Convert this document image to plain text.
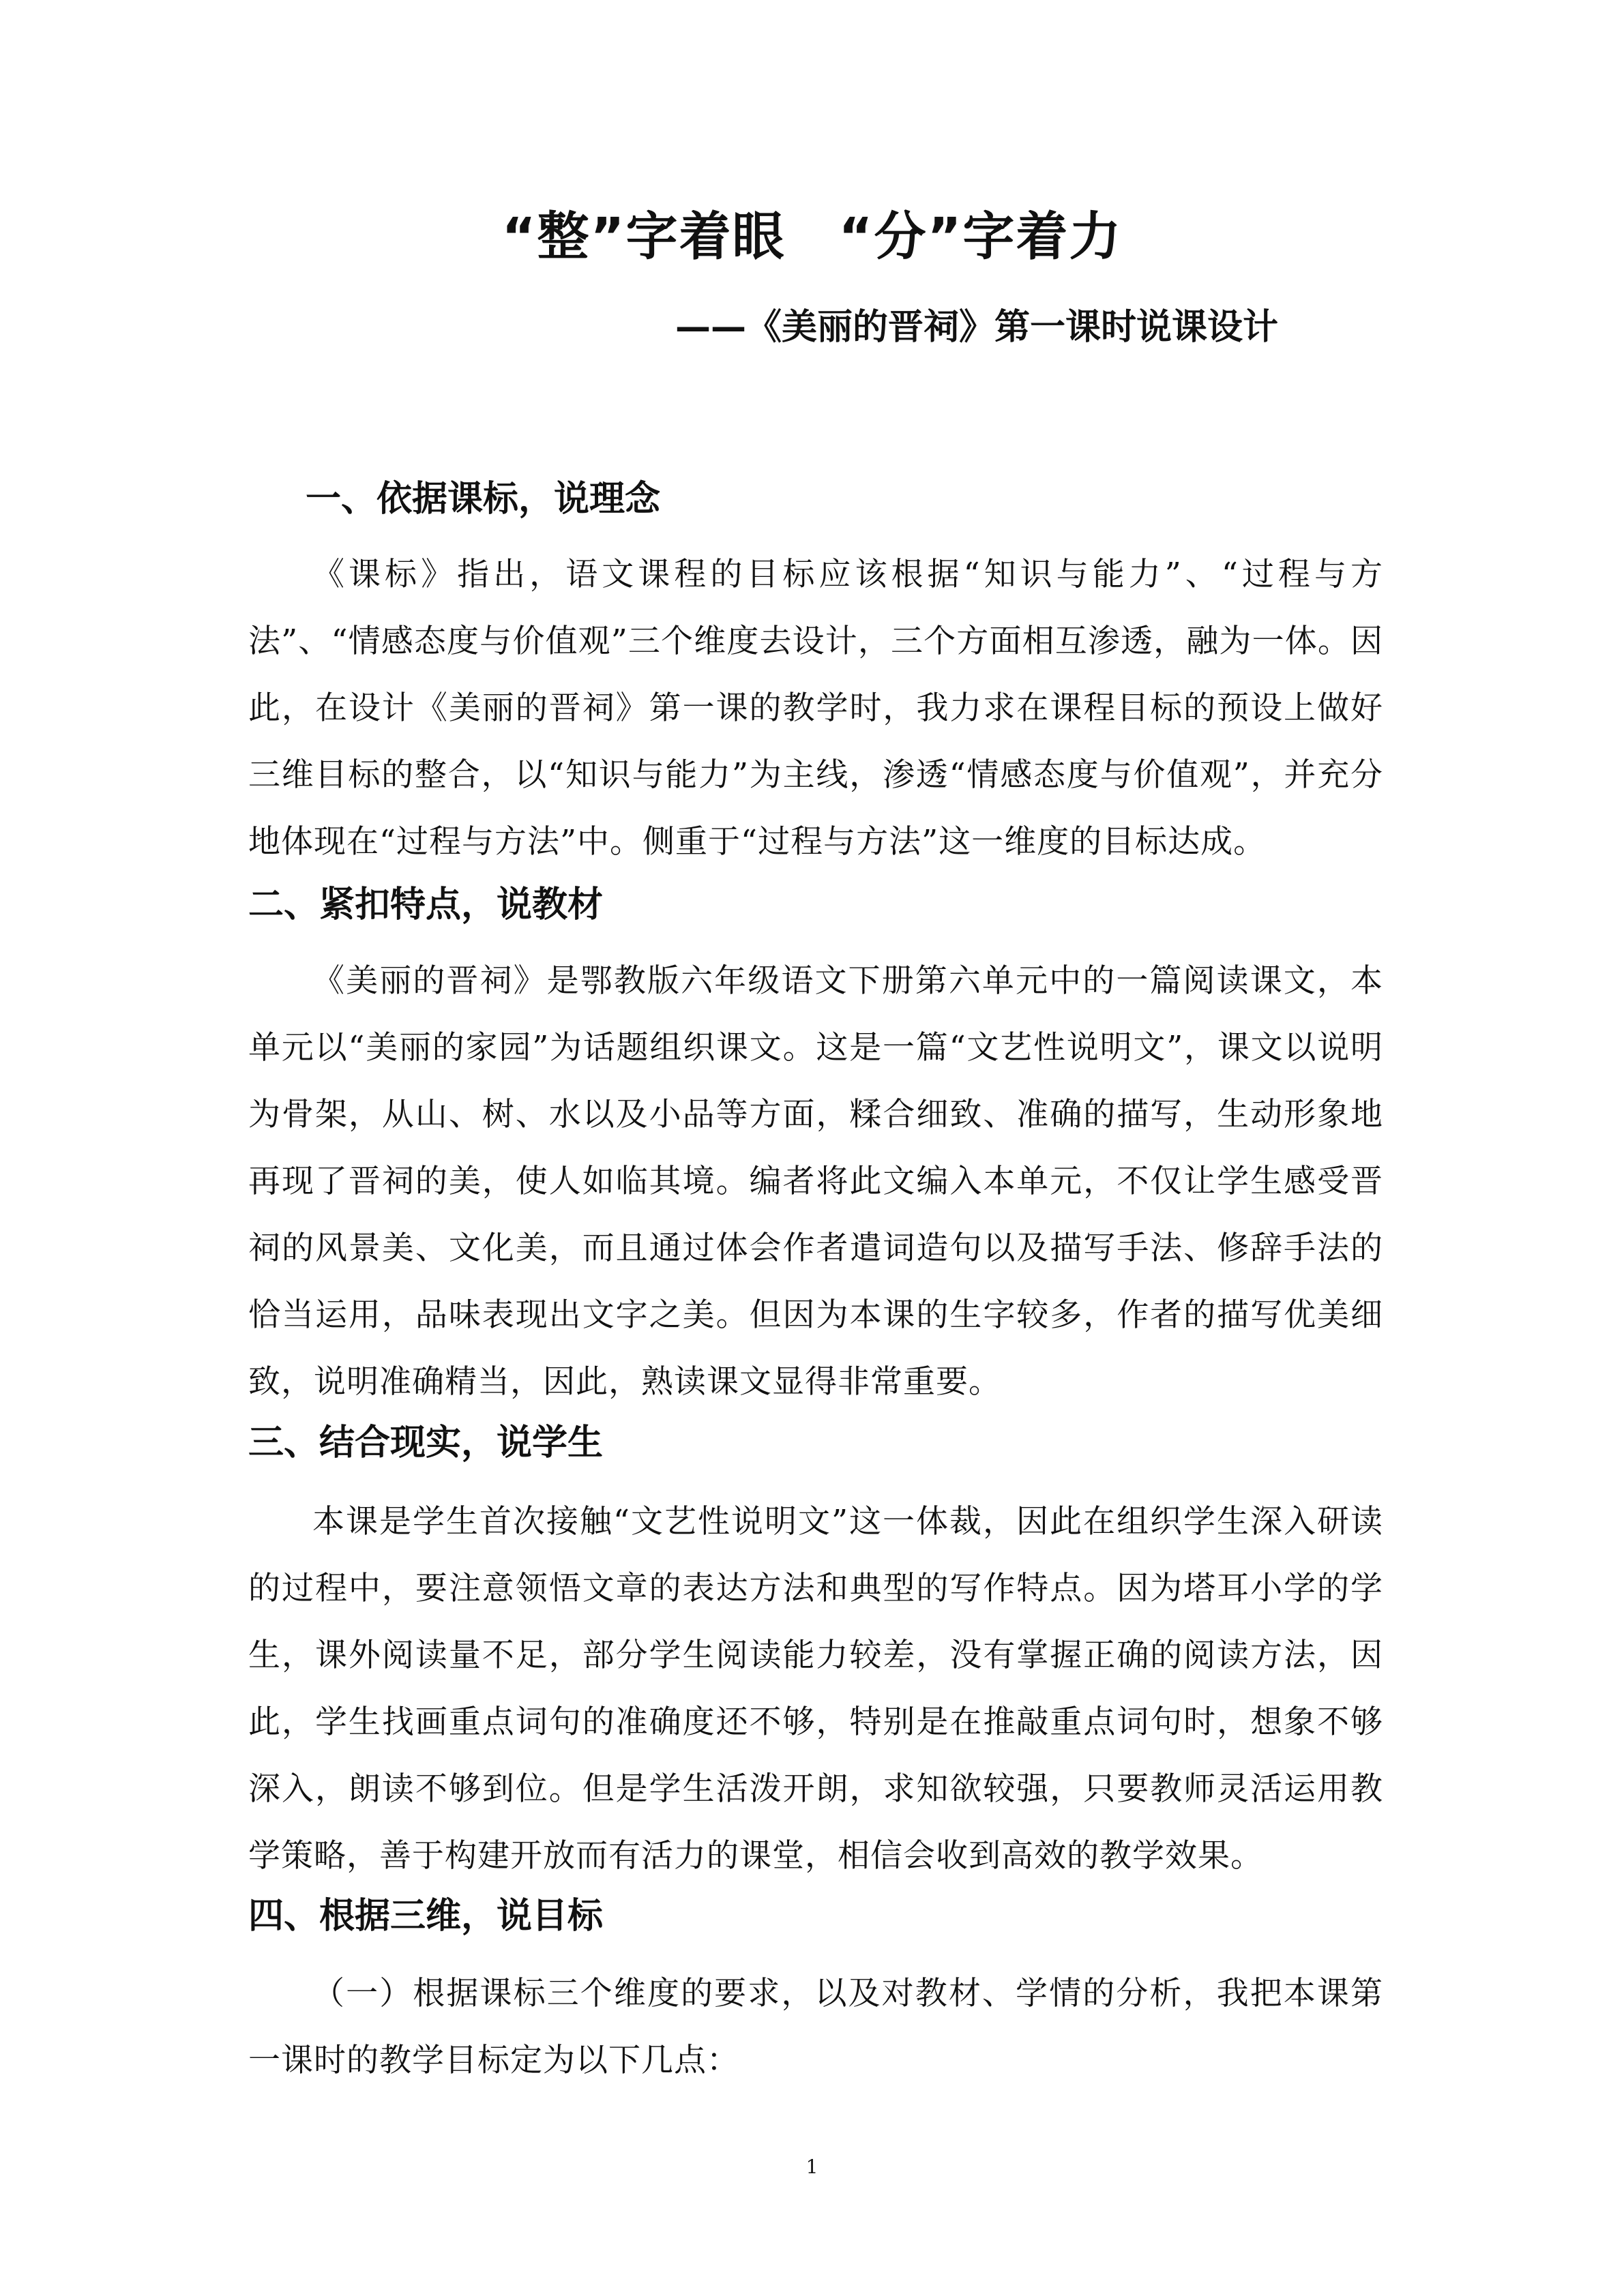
“整”字着眼　“分”字着力
——《美丽的晋祠》第一课时说课设计
一、依据课标，说理念
《课标》指出，语文课程的目标应该根据“知识与能力”、“过程与方法”、“情感态度与价值观”三个维度去设计，三个方面相互渗透，融为一体。因此，在设计《美丽的晋祠》第一课的教学时，我力求在课程目标的预设上做好三维目标的整合，以“知识与能力”为主线，渗透“情感态度与价值观”，并充分地体现在“过程与方法”中。侧重于“过程与方法”这一维度的目标达成。
二、紧扣特点，说教材
《美丽的晋祠》是鄂教版六年级语文下册第六单元中的一篇阅读课文，本单元以“美丽的家园”为话题组织课文。这是一篇“文艺性说明文”，课文以说明为骨架，从山、树、水以及小品等方面，糅合细致、准确的描写，生动形象地再现了晋祠的美，使人如临其境。编者将此文编入本单元，不仅让学生感受晋祠的风景美、文化美，而且通过体会作者遣词造句以及描写手法、修辞手法的恰当运用，品味表现出文字之美。但因为本课的生字较多，作者的描写优美细致，说明准确精当，因此，熟读课文显得非常重要。
三、结合现实，说学生
本课是学生首次接触“文艺性说明文”这一体裁，因此在组织学生深入研读的过程中，要注意领悟文章的表达方法和典型的写作特点。因为塔耳小学的学生，课外阅读量不足，部分学生阅读能力较差，没有掌握正确的阅读方法，因此，学生找画重点词句的准确度还不够，特别是在推敲重点词句时，想象不够深入，朗读不够到位。但是学生活泼开朗，求知欲较强，只要教师灵活运用教学策略，善于构建开放而有活力的课堂，相信会收到高效的教学效果。
四、根据三维，说目标
（一）根据课标三个维度的要求，以及对教材、学情的分析，我把本课第一课时的教学目标定为以下几点：
1
